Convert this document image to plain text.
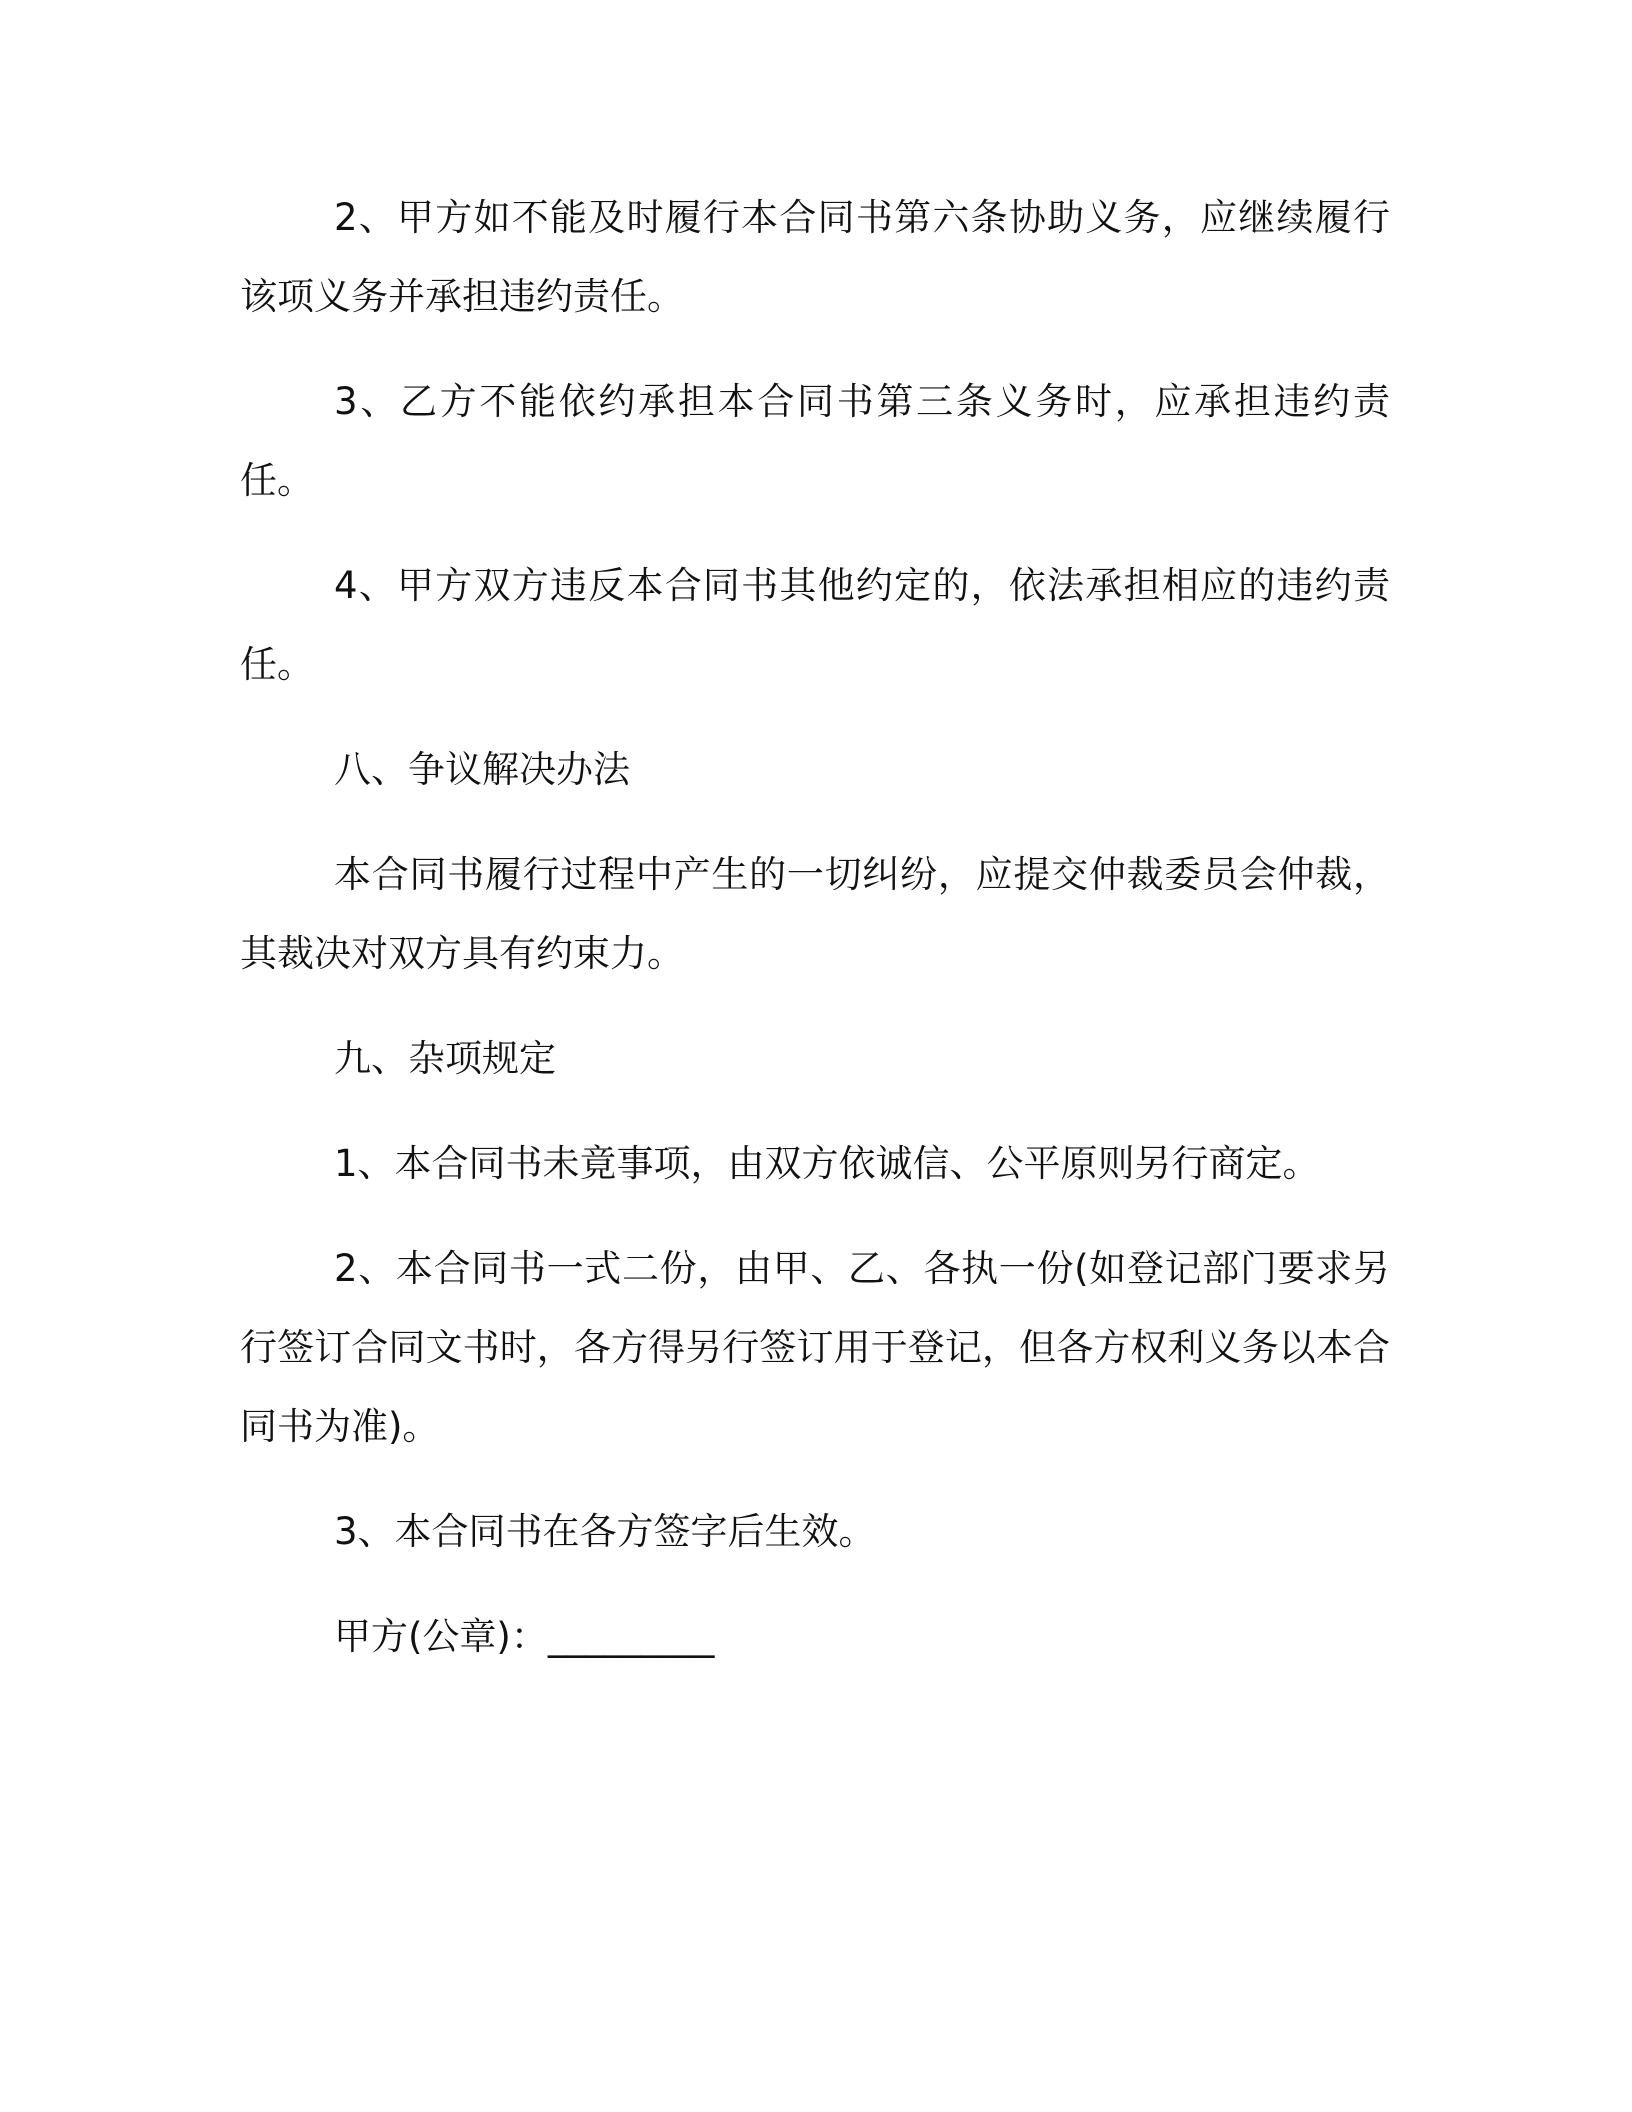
2、甲方如不能及时履行本合同书第六条协助义务，应继续履行该项义务并承担违约责任。

3、乙方不能依约承担本合同书第三条义务时，应承担违约责任。

4、甲方双方违反本合同书其他约定的，依法承担相应的违约责任。

八、争议解决办法

本合同书履行过程中产生的一切纠纷，应提交仲裁委员会仲裁，其裁决对双方具有约束力。

九、杂项规定

1、本合同书未竟事项，由双方依诚信、公平原则另行商定。

2、本合同书一式二份，由甲、乙、各执一份(如登记部门要求另行签订合同文书时，各方得另行签订用于登记，但各方权利义务以本合同书为准)。

3、本合同书在各方签字后生效。

甲方(公章)：_________
